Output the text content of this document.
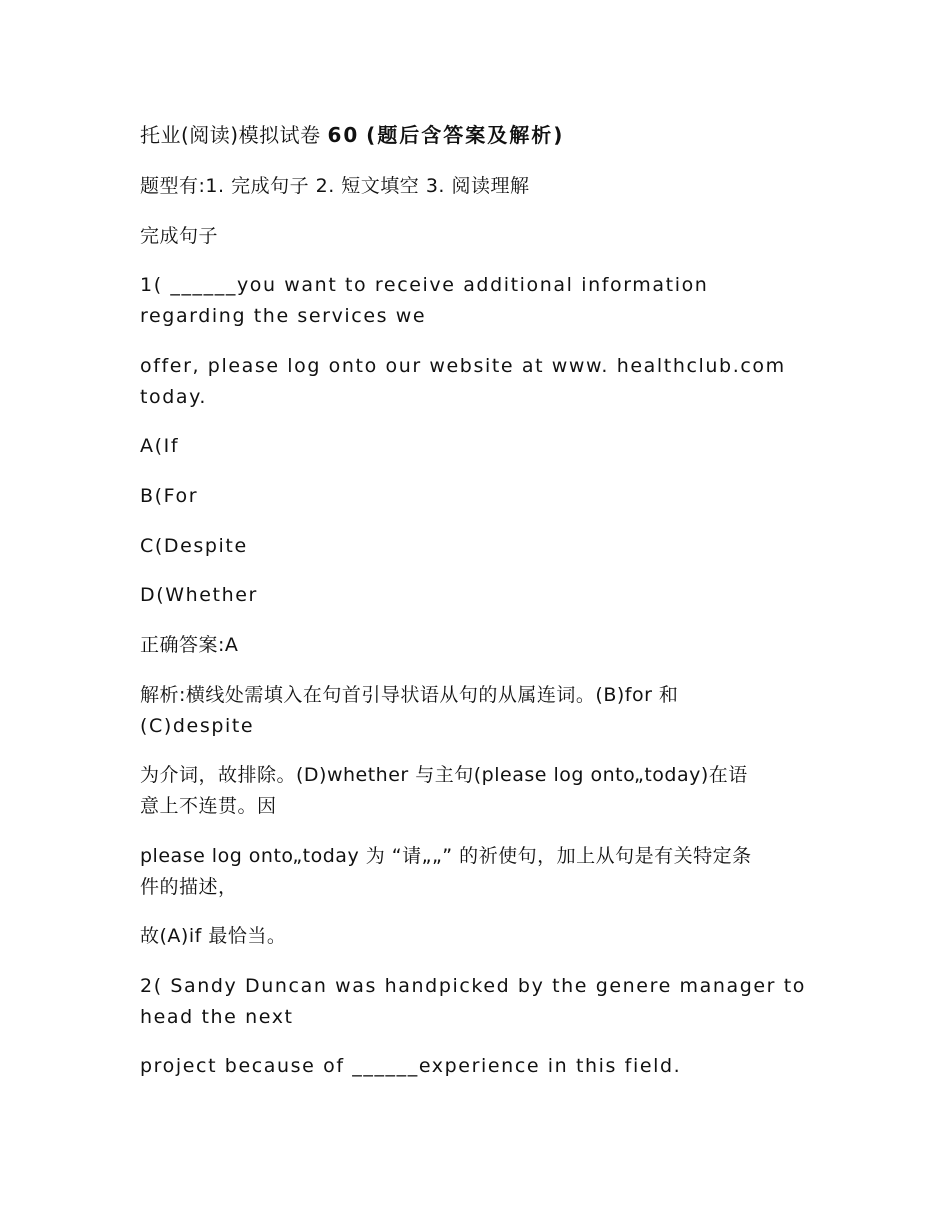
托业(阅读)模拟试卷 60 (题后含答案及解析)
题型有:1. 完成句子 2. 短文填空 3. 阅读理解
完成句子
1( ______you want to receive additional information
regarding the services we
offer, please log onto our website at www. healthclub.com
today.
A(If
B(For
C(Despite
D(Whether
正确答案:A
解析:横线处需填入在句首引导状语从句的从属连词。(B)for 和
(C)despite
为介词，故排除。(D)whether 与主句(please log onto„today)在语
意上不连贯。因
please log onto„today 为 “请„„” 的祈使句，加上从句是有关特定条
件的描述，
故(A)if 最恰当。
2( Sandy Duncan was handpicked by the genere manager to
head the next
project because of ______experience in this field.
